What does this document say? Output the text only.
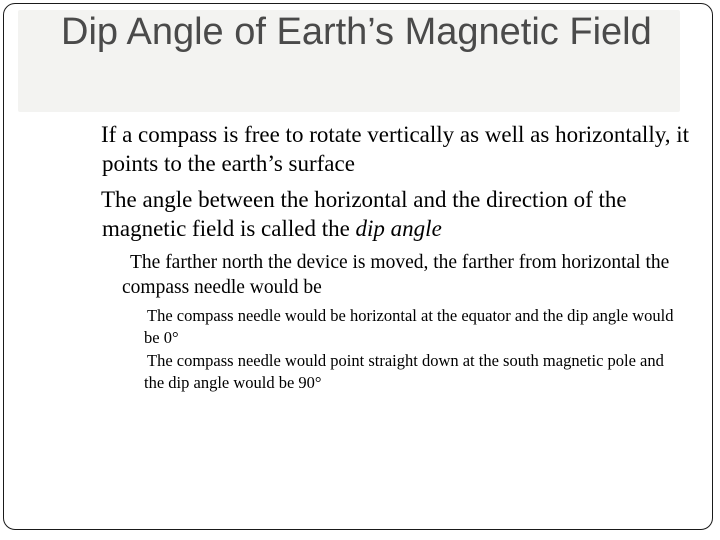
Dip Angle of Earth’s Magnetic Field
If a compass is free to rotate vertically as well as horizontally, it points to the earth’s surface
The angle between the horizontal and the direction of the magnetic field is called the dip angle
The farther north the device is moved, the farther from horizontal the compass needle would be
The compass needle would be horizontal at the equator and the dip angle would be 0°
The compass needle would point straight down at the south magnetic pole and the dip angle would be 90°
